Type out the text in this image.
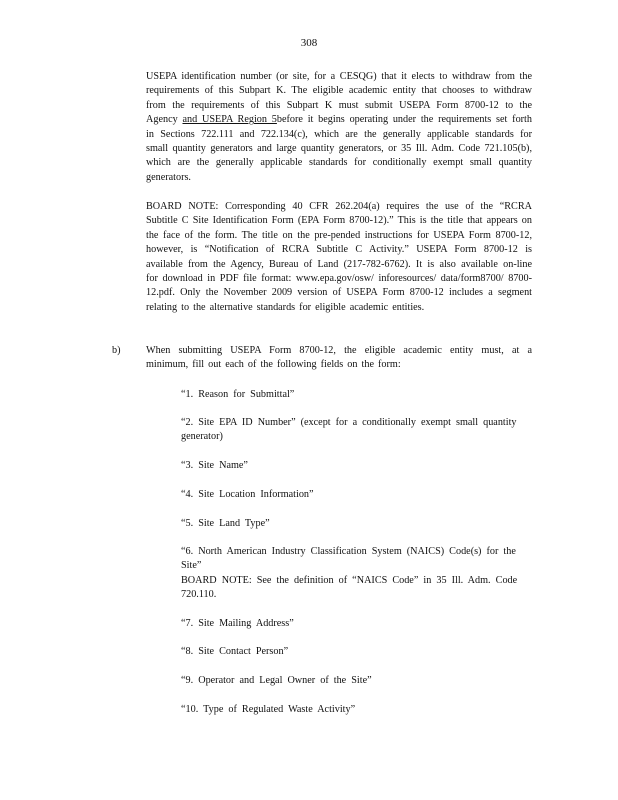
308
USEPA identification number (or site, for a CESQG) that it elects to withdraw from the requirements of this Subpart K. The eligible academic entity that chooses to withdraw from the requirements of this Subpart K must submit USEPA Form 8700-12 to the Agency and USEPA Region 5before it begins operating under the requirements set forth in Sections 722.111 and 722.134(c), which are the generally applicable standards for small quantity generators and large quantity generators, or 35 Ill. Adm. Code 721.105(b), which are the generally applicable standards for conditionally exempt small quantity generators.
BOARD NOTE: Corresponding 40 CFR 262.204(a) requires the use of the “RCRA Subtitle C Site Identification Form (EPA Form 8700-12).” This is the title that appears on the face of the form. The title on the pre-pended instructions for USEPA Form 8700-12, however, is “Notification of RCRA Subtitle C Activity.” USEPA Form 8700-12 is available from the Agency, Bureau of Land (217-782-6762). It is also available on-line for download in PDF file format: www.epa.gov/osw/ inforesources/ data/form8700/ 8700-12.pdf. Only the November 2009 version of USEPA Form 8700-12 includes a segment relating to the alternative standards for eligible academic entities.
b)	When submitting USEPA Form 8700-12, the eligible academic entity must, at a minimum, fill out each of the following fields on the form:
“1. Reason for Submittal”
“2. Site EPA ID Number” (except for a conditionally exempt small quantity generator)
“3. Site Name”
“4. Site Location Information”
“5. Site Land Type”
“6. North American Industry Classification System (NAICS) Code(s) for the Site”
BOARD NOTE: See the definition of “NAICS Code” in 35 Ill. Adm. Code 720.110.
“7. Site Mailing Address”
“8. Site Contact Person”
“9. Operator and Legal Owner of the Site”
“10. Type of Regulated Waste Activity”
